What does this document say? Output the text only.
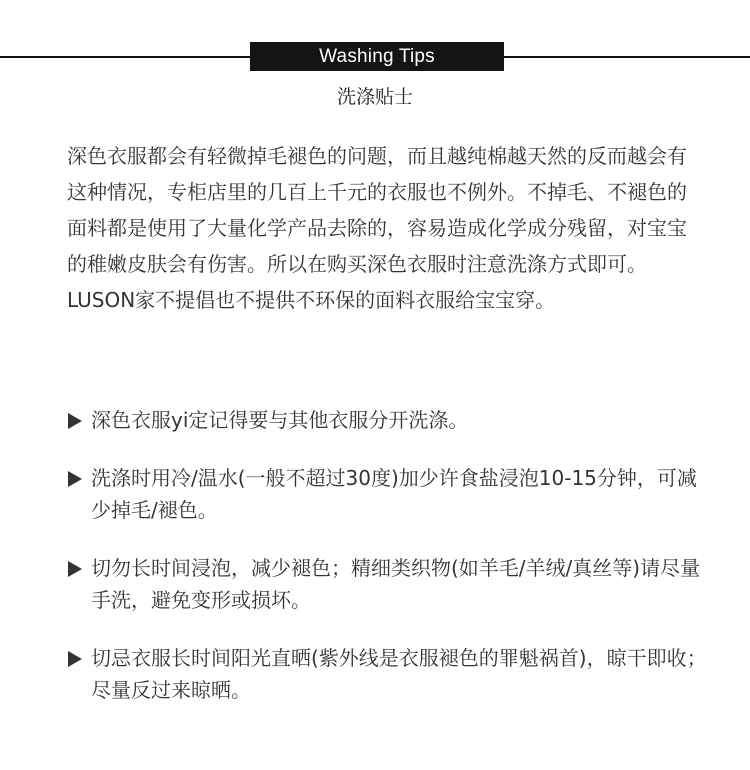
Washing Tips
洗涤贴士

深色衣服都会有轻微掉毛褪色的问题，而且越纯棉越天然的反而越会有这种情况，专柜店里的几百上千元的衣服也不例外。不掉毛、不褪色的面料都是使用了大量化学产品去除的，容易造成化学成分残留，对宝宝的稚嫩皮肤会有伤害。所以在购买深色衣服时注意洗涤方式即可。LUSON家不提倡也不提供不环保的面料衣服给宝宝穿。

深色衣服yi定记得要与其他衣服分开洗涤。
洗涤时用冷/温水(一般不超过30度)加少许食盐浸泡10-15分钟，可减少掉毛/褪色。
切勿长时间浸泡，减少褪色；精细类织物(如羊毛/羊绒/真丝等)请尽量手洗，避免变形或损坏。
切忌衣服长时间阳光直晒(紫外线是衣服褪色的罪魁祸首)，晾干即收；尽量反过来晾晒。
